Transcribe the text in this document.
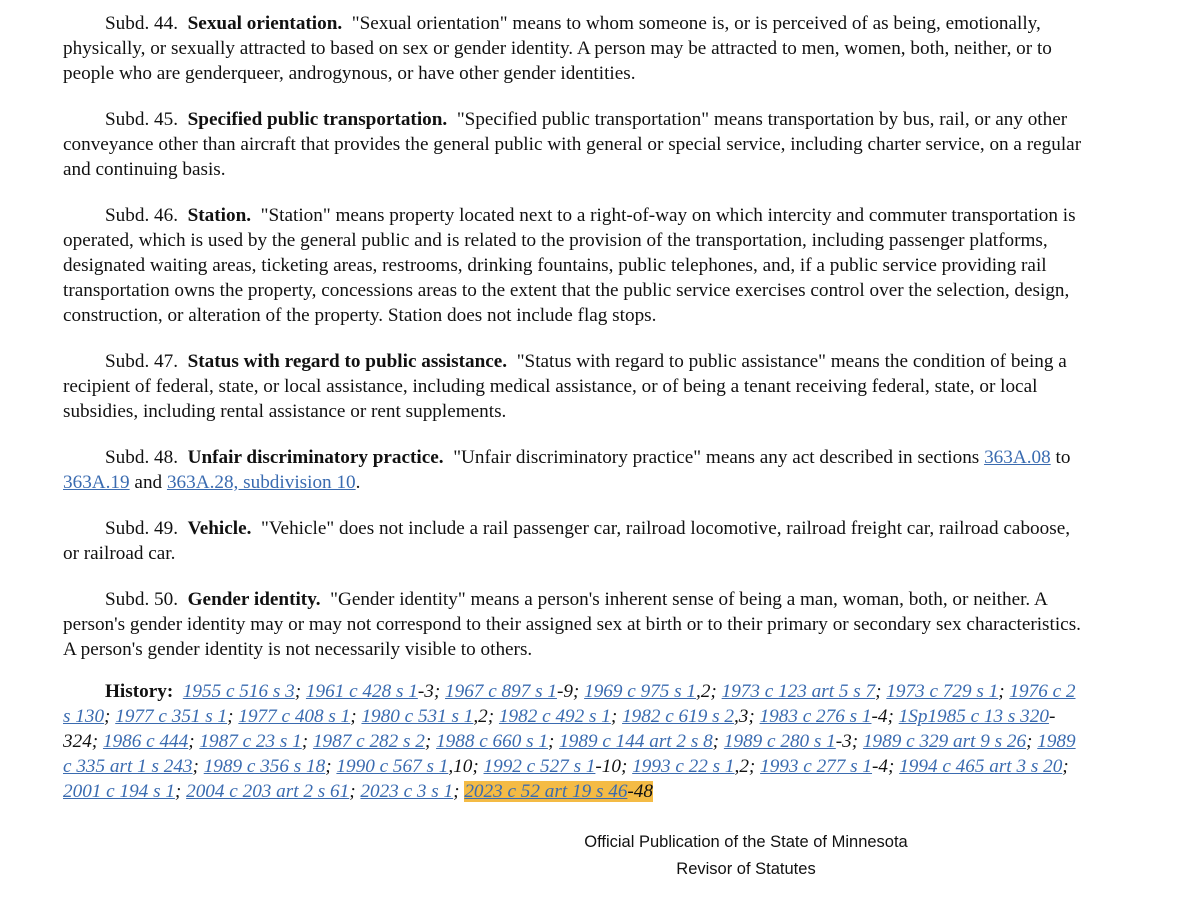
Subd. 44. Sexual orientation. "Sexual orientation" means to whom someone is, or is perceived of as being, emotionally, physically, or sexually attracted to based on sex or gender identity. A person may be attracted to men, women, both, neither, or to people who are genderqueer, androgynous, or have other gender identities.

Subd. 45. Specified public transportation. "Specified public transportation" means transportation by bus, rail, or any other conveyance other than aircraft that provides the general public with general or special service, including charter service, on a regular and continuing basis.

Subd. 46. Station. "Station" means property located next to a right-of-way on which intercity and commuter transportation is operated, which is used by the general public and is related to the provision of the transportation, including passenger platforms, designated waiting areas, ticketing areas, restrooms, drinking fountains, public telephones, and, if a public service providing rail transportation owns the property, concessions areas to the extent that the public service exercises control over the selection, design, construction, or alteration of the property. Station does not include flag stops.

Subd. 47. Status with regard to public assistance. "Status with regard to public assistance" means the condition of being a recipient of federal, state, or local assistance, including medical assistance, or of being a tenant receiving federal, state, or local subsidies, including rental assistance or rent supplements.

Subd. 48. Unfair discriminatory practice. "Unfair discriminatory practice" means any act described in sections 363A.08 to 363A.19 and 363A.28, subdivision 10.

Subd. 49. Vehicle. "Vehicle" does not include a rail passenger car, railroad locomotive, railroad freight car, railroad caboose, or railroad car.

Subd. 50. Gender identity. "Gender identity" means a person's inherent sense of being a man, woman, both, or neither. A person's gender identity may or may not correspond to their assigned sex at birth or to their primary or secondary sex characteristics. A person's gender identity is not necessarily visible to others.

History: 1955 c 516 s 3; 1961 c 428 s 1-3; 1967 c 897 s 1-9; 1969 c 975 s 1,2; 1973 c 123 art 5 s 7; 1973 c 729 s 1; 1976 c 2 s 130; 1977 c 351 s 1; 1977 c 408 s 1; 1980 c 531 s 1,2; 1982 c 492 s 1; 1982 c 619 s 2,3; 1983 c 276 s 1-4; 1Sp1985 c 13 s 320-324; 1986 c 444; 1987 c 23 s 1; 1987 c 282 s 2; 1988 c 660 s 1; 1989 c 144 art 2 s 8; 1989 c 280 s 1-3; 1989 c 329 art 9 s 26; 1989 c 335 art 1 s 243; 1989 c 356 s 18; 1990 c 567 s 1,10; 1992 c 527 s 1-10; 1993 c 22 s 1,2; 1993 c 277 s 1-4; 1994 c 465 art 3 s 20; 2001 c 194 s 1; 2004 c 203 art 2 s 61; 2023 c 3 s 1; 2023 c 52 art 19 s 46-48

Official Publication of the State of Minnesota
Revisor of Statutes
